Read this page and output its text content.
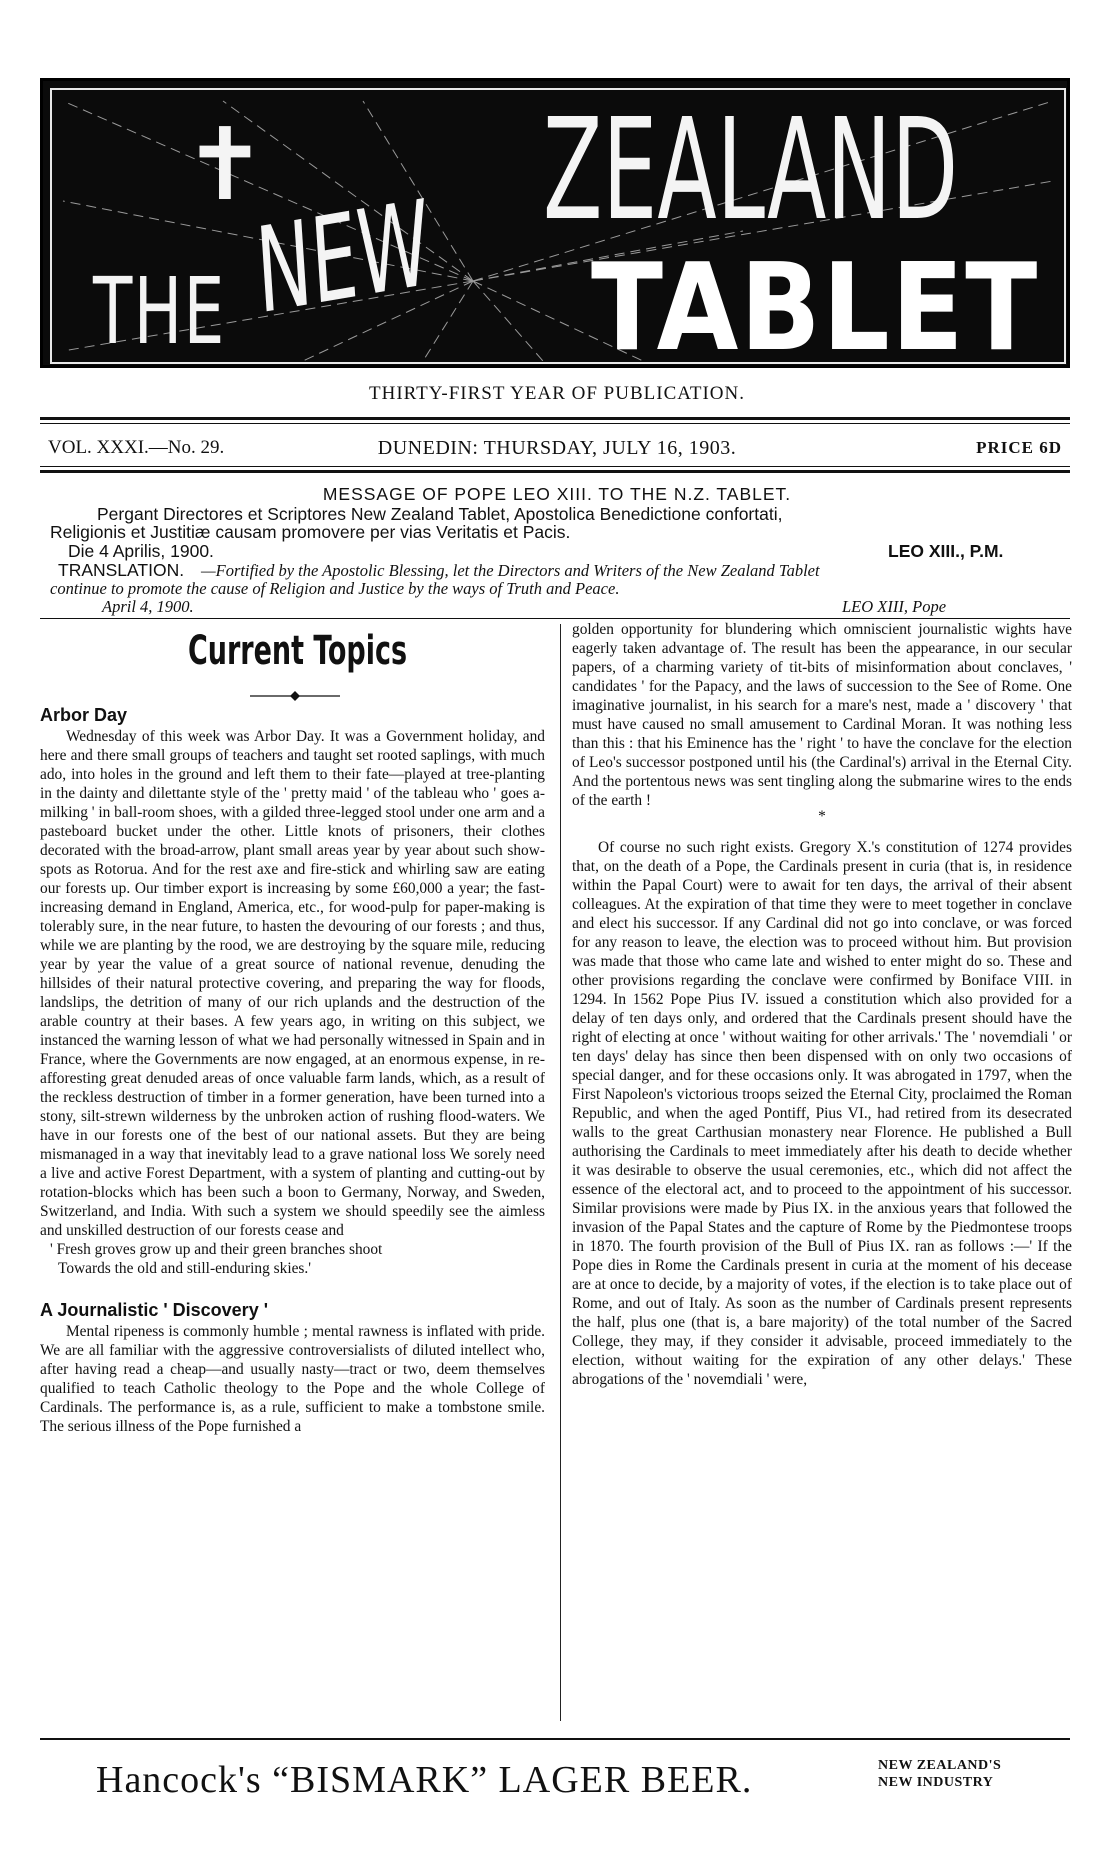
✝
THE NEW
ZEALAND
TABLET
THIRTY-FIRST YEAR OF PUBLICATION.
VOL. XXXI.—No. 29.	DUNEDIN: THURSDAY, JULY 16, 1903.	PRICE 6D
MESSAGE OF POPE LEO XIII. TO THE N.Z. TABLET.
Pergant Directores et Scriptores New Zealand Tablet, Apostolica Benedictione confortati,
Religionis et Justitiæ causam promovere per vias Veritatis et Pacis.
Die 4 Aprilis, 1900.	LEO XIII., P.M.
TRANSLATION. —Fortified by the Apostolic Blessing, let the Directors and Writers of the New Zealand Tablet
continue to promote the cause of Religion and Justice by the ways of Truth and Peace.
April 4, 1900.	LEO XIII, Pope
Current Topics
Arbor Day

Wednesday of this week was Arbor Day. It was a Government holiday, and here and there small groups of teachers and taught set rooted saplings, with much ado, into holes in the ground and left them to their fate—played at tree-planting in the dainty and dilettante style of the ' pretty maid ' of the tableau who ' goes a-milking ' in ball-room shoes, with a gilded three-legged stool under one arm and a pasteboard bucket under the other. Little knots of prisoners, their clothes decorated with the broad-arrow, plant small areas year by year about such show-spots as Rotorua. And for the rest axe and fire-stick and whirling saw are eating our forests up. Our timber export is increasing by some £60,000 a year; the fast-increasing demand in England, America, etc., for wood-pulp for paper-making is tolerably sure, in the near future, to hasten the devouring of our forests ; and thus, while we are planting by the rood, we are destroying by the square mile, reducing year by year the value of a great source of national revenue, denuding the hillsides of their natural protective covering, and preparing the way for floods, landslips, the detrition of many of our rich uplands and the destruction of the arable country at their bases. A few years ago, in writing on this subject, we instanced the warning lesson of what we had personally witnessed in Spain and in France, where the Governments are now engaged, at an enormous expense, in re-afforesting great denuded areas of once valuable farm lands, which, as a result of the reckless destruction of timber in a former generation, have been turned into a stony, silt-strewn wilderness by the unbroken action of rushing flood-waters. We have in our forests one of the best of our national assets. But they are being mismanaged in a way that inevitably lead to a grave national loss We sorely need a live and active Forest Department, with a system of planting and cutting-out by rotation-blocks which has been such a boon to Germany, Norway, and Sweden, Switzerland, and India. With such a system we should speedily see the aimless and unskilled destruction of our forests cease and

' Fresh groves grow up and their green branches shoot

Towards the old and still-enduring skies.'

A Journalistic ' Discovery '

Mental ripeness is commonly humble ; mental rawness is inflated with pride. We are all familiar with the aggressive controversialists of diluted intellect who, after having read a cheap—and usually nasty—tract or two, deem themselves qualified to teach Catholic theology to the Pope and the whole College of Cardinals. The performance is, as a rule, sufficient to make a tombstone smile. The serious illness of the Pope furnished a

golden opportunity for blundering which omniscient journalistic wights have eagerly taken advantage of. The result has been the appearance, in our secular papers, of a charming variety of tit-bits of misinformation about conclaves, ' candidates ' for the Papacy, and the laws of succession to the See of Rome. One imaginative journalist, in his search for a mare's nest, made a ' discovery ' that must have caused no small amusement to Cardinal Moran. It was nothing less than this : that his Eminence has the ' right ' to have the conclave for the election of Leo's successor postponed until his (the Cardinal's) arrival in the Eternal City. And the portentous news was sent tingling along the submarine wires to the ends of the earth !

*

Of course no such right exists. Gregory X.'s constitution of 1274 provides that, on the death of a Pope, the Cardinals present in curia (that is, in residence within the Papal Court) were to await for ten days, the arrival of their absent colleagues. At the expiration of that time they were to meet together in conclave and elect his successor. If any Cardinal did not go into conclave, or was forced for any reason to leave, the election was to proceed without him. But provision was made that those who came late and wished to enter might do so. These and other provisions regarding the conclave were confirmed by Boniface VIII. in 1294. In 1562 Pope Pius IV. issued a constitution which also provided for a delay of ten days only, and ordered that the Cardinals present should have the right of electing at once ' without waiting for other arrivals.' The ' novemdiali ' or ten days' delay has since then been dispensed with on only two occasions of special danger, and for these occasions only. It was abrogated in 1797, when the First Napoleon's victorious troops seized the Eternal City, proclaimed the Roman Republic, and when the aged Pontiff, Pius VI., had retired from its desecrated walls to the great Carthusian monastery near Florence. He published a Bull authorising the Cardinals to meet immediately after his death to decide whether it was desirable to observe the usual ceremonies, etc., which did not affect the essence of the electoral act, and to proceed to the appointment of his successor. Similar provisions were made by Pius IX. in the anxious years that followed the invasion of the Papal States and the capture of Rome by the Piedmontese troops in 1870. The fourth provision of the Bull of Pius IX. ran as follows :—' If the Pope dies in Rome the Cardinals present in curia at the moment of his decease are at once to decide, by a majority of votes, if the election is to take place out of Rome, and out of Italy. As soon as the number of Cardinals present represents the half, plus one (that is, a bare majority) of the total number of the Sacred College, they may, if they consider it advisable, proceed immediately to the election, without waiting for the expiration of any other delays.' These abrogations of the ' novemdiali ' were,

Hancock's “BISMARK” LAGER BEER.	NEW ZEALAND'S
NEW INDUSTRY
